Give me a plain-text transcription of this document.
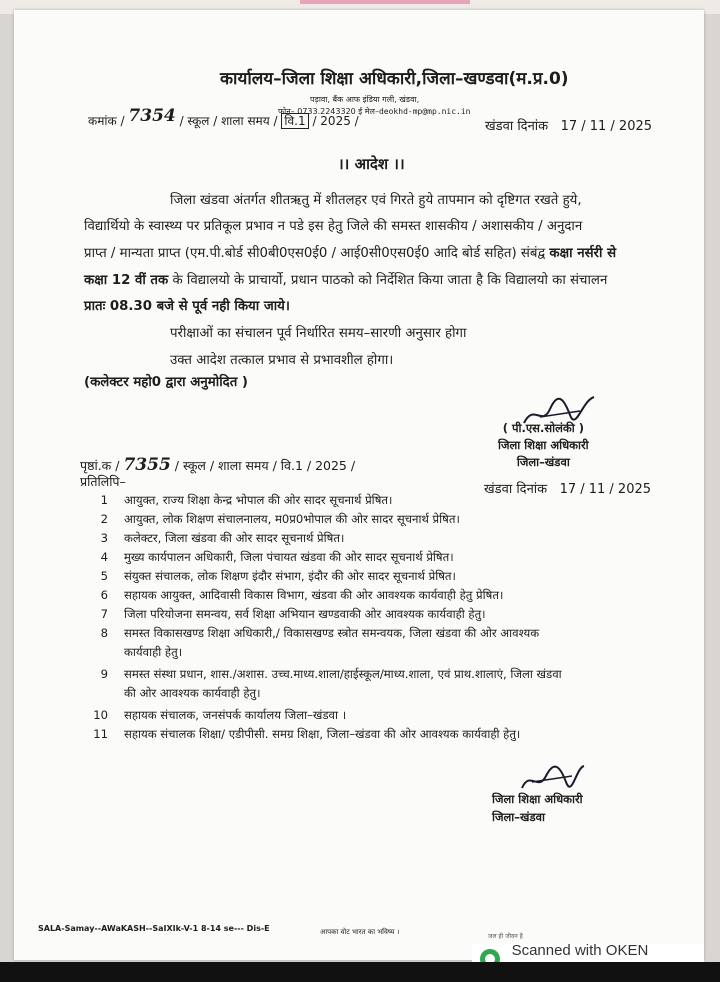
कार्यालय–जिला शिक्षा अधिकारी,जिला–खण्डवा(म.प्र.0)
पड़ावा, बैंक आफ इंडिया गली, खंडवा,
फोन– 0733.2243320 ई मेल–deokhd-mp@mp.nic.in
कमांक / 7354 / स्कूल / शाला समय / वि.1 / 2025 /	खंडवा दिनांक 17 / 11 / 2025
।। आदेश ।।
जिला खंडवा अंतर्गत शीतऋतु में शीतलहर एवं गिरते हुये तापमान को दृष्टिगत रखते हुये,
विद्यार्थियो के स्वास्थ्य पर प्रतिकूल प्रभाव न पडे इस हेतु जिले की समस्त शासकीय / अशासकीय / अनुदान
प्राप्त / मान्यता प्राप्त (एम.पी.बोर्ड सी0बी0एस0ई0 / आई0सी0एस0ई0 आदि बोर्ड सहित) संबंद्व कक्षा नर्सरी से
कक्षा 12 वीं तक के विद्यालयो के प्राचार्यो, प्रधान पाठको को निर्देशित किया जाता है कि विद्यालयो का संचालन
प्रातः 08.30 बजे से पूर्व नही किया जाये।
परीक्षाओं का संचालन पूर्व निर्धारित समय–सारणी अनुसार होगा
उक्त आदेश तत्काल प्रभाव से प्रभावशील होगा।
(कलेक्टर महो0 द्वारा अनुमोदित )
( पी.एस.सोलंकी )
जिला शिक्षा अधिकारी
जिला–खंडवा
पृष्ठां.क / 7355 / स्कूल / शाला समय / वि.1 / 2025 /
प्रतिलिपि–
खंडवा दिनांक 17 / 11 / 2025
1 आयुक्त, राज्य शिक्षा केन्द्र भोपाल की ओर सादर सूचनार्थ प्रेषित।
2 आयुक्त, लोक शिक्षण संचालनालय, म0प्र0भोपाल की ओर सादर सूचनार्थ प्रेषित।
3 कलेक्टर, जिला खंडवा की ओर सादर सूचनार्थ प्रेषित।
4 मुख्य कार्यपालन अधिकारी, जिला पंचायत खंडवा की ओर सादर सूचनार्थ प्रेषित।
5 संयुक्त संचालक, लोक शिक्षण इंदौर संभाग, इंदौर की ओर सादर सूचनार्थ प्रेषित।
6 सहायक आयुक्त, आदिवासी विकास विभाग, खंडवा की ओर आवश्यक कार्यवाही हेतु प्रेषित।
7 जिला परियोजना समन्वय, सर्व शिक्षा अभियान खण्डवाकी ओर आवश्यक कार्यवाही हेतु।
8 समस्त विकासखण्ड शिक्षा अधिकारी,/ विकासखण्ड स्त्रोत समन्वयक, जिला खंडवा की ओर आवश्यक
कार्यवाही हेतु।
9 समस्त संस्था प्रधान, शास./अशास. उच्च.माध्य.शाला/हाईस्कूल/माध्य.शाला, एवं प्राथ.शालाएं, जिला खंडवा
की ओर आवश्यक कार्यवाही हेतु।
10 सहायक संचालक, जनसंपर्क कार्यालय जिला–खंडवा ।
11 सहायक संचालक शिक्षा/ एडीपीसी. समग्र शिक्षा, जिला–खंडवा की ओर आवश्यक कार्यवाही हेतु।
जिला शिक्षा अधिकारी
जिला–खंडवा
SALA-Samay--AWaKASH--SaIXIk-V-1 8-14 se--- Dis-E	आपका वोट भारत का भविष्य ।
जल ही जीवन है
Scanned with OKEN
